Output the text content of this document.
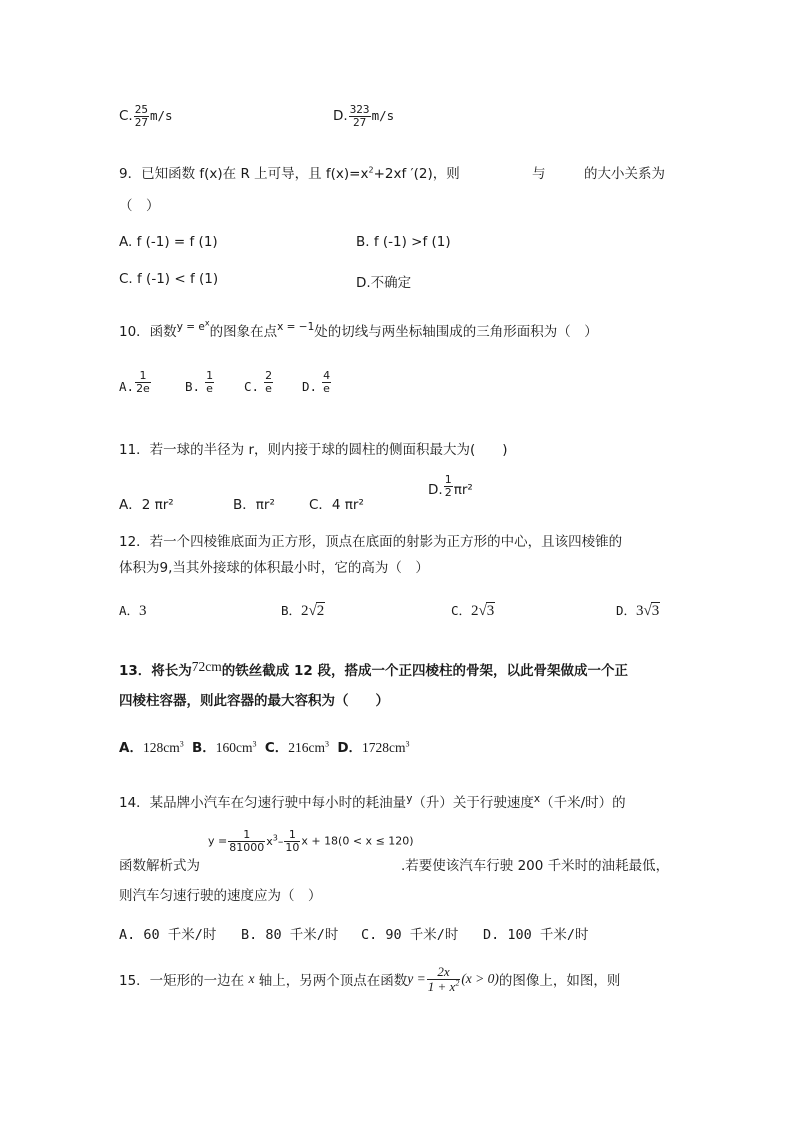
C. $\frac{25}{27} m/s$	D. $\frac{323}{27} m/s$
9．已知函数 f(x)在 R 上可导，且 $f(x)=x^2+2xf$ ′(2)，则	与	的大小关系为
（　）
A. f (-1) = f (1)	B. f (-1) >f (1)
C. f (-1) < f (1)	D.不确定
10．函数$^{y = e^x}$的图象在点$^{x = -1}$处的切线与两坐标轴围成的三角形面积为（　）
A. $\frac{1}{2e}$	B. $\frac{1}{e} C$. $\frac{2}{e} D$. $\frac{4}{e}$
11．若一球的半径为 r，则内接于球的圆柱的侧面积最大为(　　)
A．2 πr²	B．πr²	C．4 πr²
D. $\frac{1}{2} \pi r^2$
12．若一个四棱锥底面为正方形，顶点在底面的射影为正方形的中心，且该四棱锥的
体积为9,当其外接球的体积最小时，它的高为（　）
A．3	B．2√2	C．2√3	D．3√3
13．将长为72cm的铁丝截成 12 段，搭成一个正四棱柱的骨架，以此骨架做成一个正
四棱柱容器，则此容器的最大容积为（　　）
A．$128cm^3$ B．$160cm^3$ C．$216cm^3$ D．$1728cm^3$
14．某品牌小汽车在匀速行驶中每小时的耗油量$^y$（升）关于行驶速度$^x$（千米/时）的
$y = \frac{1}{81000} x^3- \frac{1}{10}$ x + 18(0 < x ≤ 120)
函数解析式为	.若要使该汽车行驶 200 千米时的油耗最低，
则汽车匀速行驶的速度应为（　）
A. 60 千米/时 B. 80 千米/时 C. 90 千米/时 D. 100 千米/时
15．一矩形的一边在 x 轴上，另两个顶点在函数$y = \frac{2x}{1 + x^2} (x > 0)$的图像上，如图，则
